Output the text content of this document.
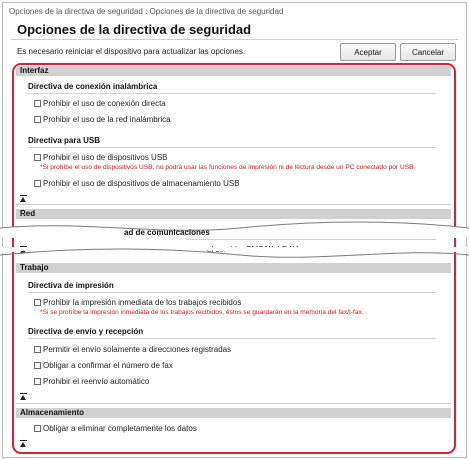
Opciones de la directiva de seguridad : Opciones de la directiva de seguridad
Opciones de la directiva de seguridad
Es necesario reiniciar el dispositivo para actualizar las opciones.	Aceptar	Cancelar
Interfaz
Directiva de conexión inalámbrica
Prohibir el uso de conexión directa
Prohibir el uso de la red inalámbrica
Directiva para USB
Prohibir el uso de dispositivos USB
*Si prohíbe el uso de dispositivos USB, no podrá usar las funciones de impresión ni de lectura desde un PC conectado por USB.
Prohibir el uso de dispositivos de almacenamiento USB
Red
ad de comunicaciones
Trabajo
Directiva de impresión
Prohibir la impresión inmediata de los trabajos recibidos
*Si se prohíbe la impresión inmediata de los trabajos recibidos, éstos se guardarán en la memoria del fax/I-fax.
Directiva de envío y recepción
Permitir el envío solamente a direcciones registradas
Obligar a confirmar el número de fax
Prohibir el reenvío automático
Almacenamiento
Obligar a eliminar completamente los datos
